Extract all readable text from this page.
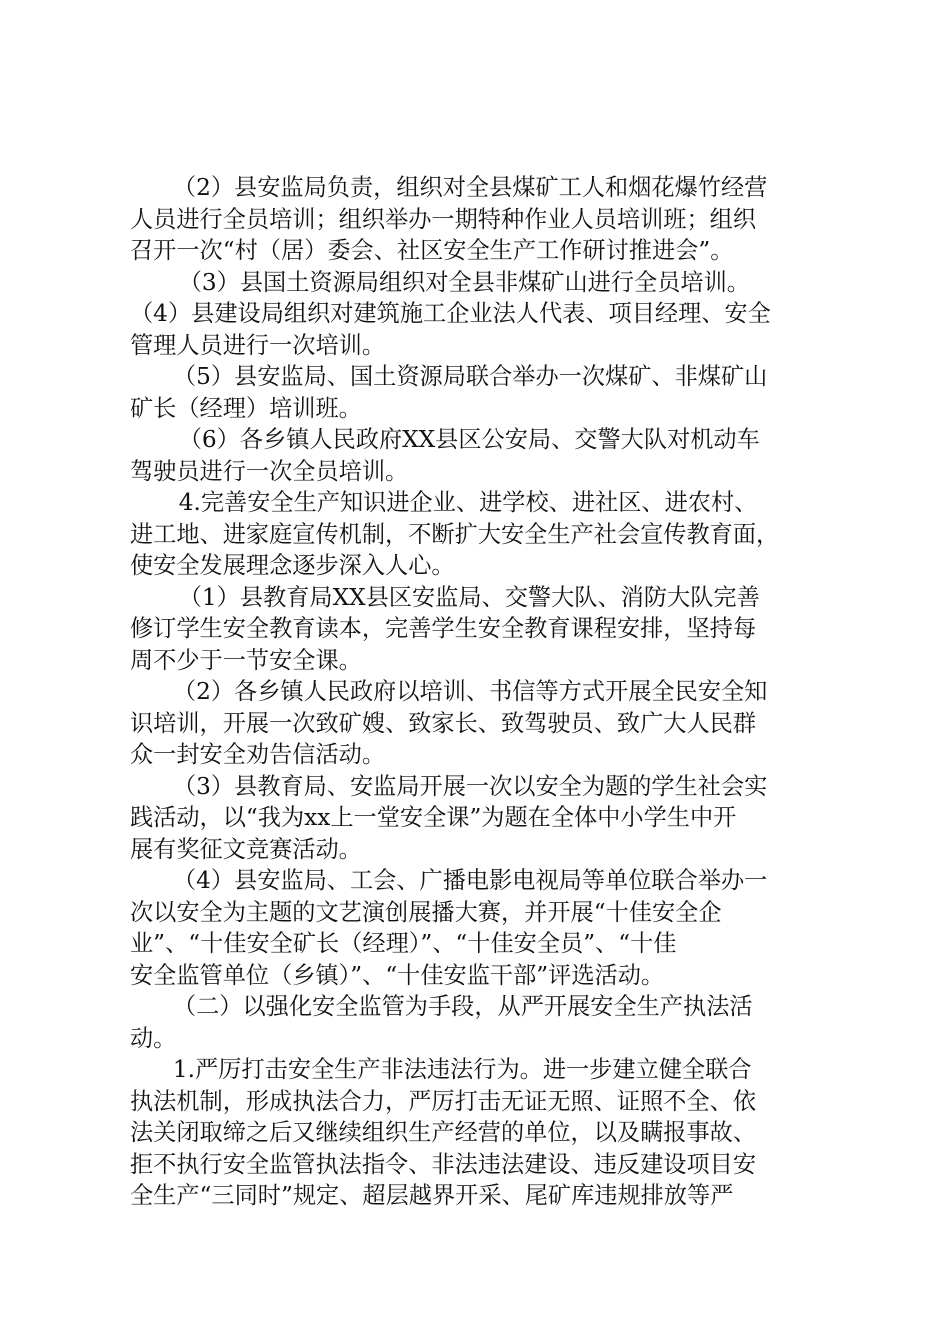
（2）县安监局负责，组织对全县煤矿工人和烟花爆竹经营
人员进行全员培训；组织举办一期特种作业人员培训班；组织
召开一次“村（居）委会、社区安全生产工作研讨推进会”。
（3）县国土资源局组织对全县非煤矿山进行全员培训。
（4）县建设局组织对建筑施工企业法人代表、项目经理、安全
管理人员进行一次培训。
（5）县安监局、国土资源局联合举办一次煤矿、非煤矿山
矿长（经理）培训班。
（6）各乡镇人民政府XX县区公安局、交警大队对机动车
驾驶员进行一次全员培训。
4.完善安全生产知识进企业、进学校、进社区、进农村、
进工地、进家庭宣传机制，不断扩大安全生产社会宣传教育面，
使安全发展理念逐步深入人心。
（1）县教育局XX县区安监局、交警大队、消防大队完善
修订学生安全教育读本，完善学生安全教育课程安排，坚持每
周不少于一节安全课。
（2）各乡镇人民政府以培训、书信等方式开展全民安全知
识培训，开展一次致矿嫂、致家长、致驾驶员、致广大人民群
众一封安全劝告信活动。
（3）县教育局、安监局开展一次以安全为题的学生社会实
践活动，以“我为xx上一堂安全课”为题在全体中小学生中开
展有奖征文竞赛活动。
（4）县安监局、工会、广播电影电视局等单位联合举办一
次以安全为主题的文艺演创展播大赛，并开展“十佳安全企
业”、“十佳安全矿长（经理）”、“十佳安全员”、“十佳
安全监管单位（乡镇）”、“十佳安监干部”评选活动。
（二）以强化安全监管为手段，从严开展安全生产执法活
动。
1.严厉打击安全生产非法违法行为。进一步建立健全联合
执法机制，形成执法合力，严厉打击无证无照、证照不全、依
法关闭取缔之后又继续组织生产经营的单位，以及瞒报事故、
拒不执行安全监管执法指令、非法违法建设、违反建设项目安
全生产“三同时”规定、超层越界开采、尾矿库违规排放等严
